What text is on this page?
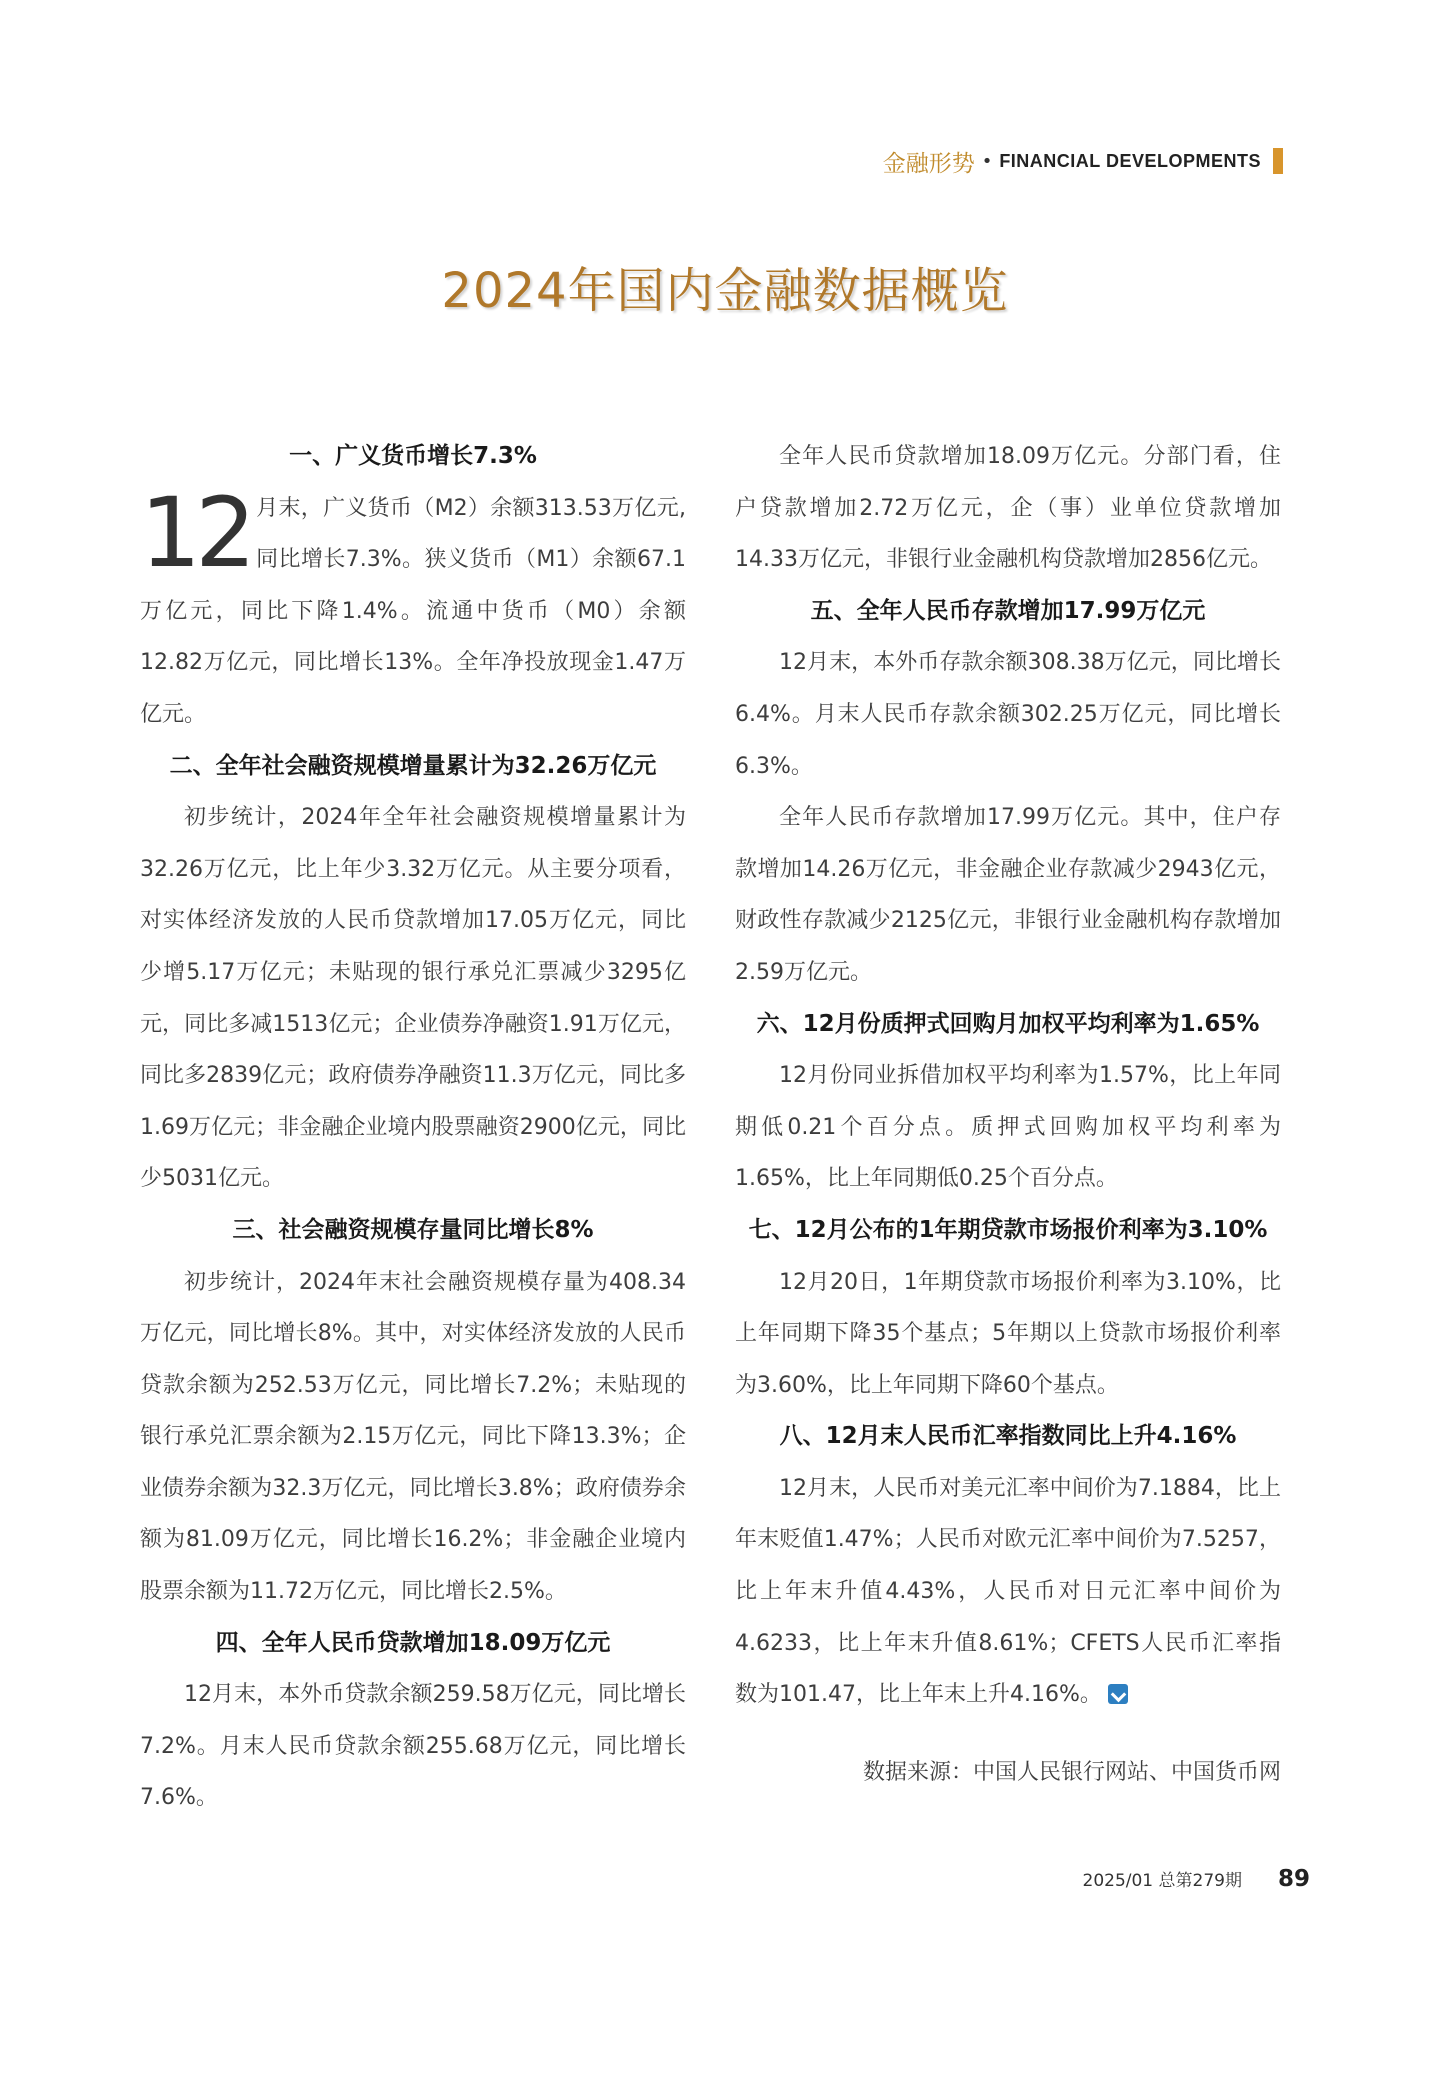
金融形势 • FINANCIAL DEVELOPMENTS
2024年国内金融数据概览
一、广义货币增长7.3%

12 月末，广义货币（M2）余额313.53万亿元,同比增长7.3%。狭义货币（M1）余额67.1万亿元，同比下降1.4%。流通中货币（M0）余额12.82万亿元，同比增长13%。全年净投放现金1.47万亿元。

二、全年社会融资规模增量累计为32.26万亿元

初步统计，2024年全年社会融资规模增量累计为32.26万亿元，比上年少3.32万亿元。从主要分项看，对实体经济发放的人民币贷款增加17.05万亿元，同比少增5.17万亿元；未贴现的银行承兑汇票减少3295亿元，同比多减1513亿元；企业债券净融资1.91万亿元，同比多2839亿元；政府债券净融资11.3万亿元，同比多1.69万亿元；非金融企业境内股票融资2900亿元，同比少5031亿元。

三、社会融资规模存量同比增长8%

初步统计，2024年末社会融资规模存量为408.34万亿元，同比增长8%。其中，对实体经济发放的人民币贷款余额为252.53万亿元，同比增长7.2%；未贴现的银行承兑汇票余额为2.15万亿元，同比下降13.3%；企业债券余额为32.3万亿元，同比增长3.8%；政府债券余额为81.09万亿元，同比增长16.2%；非金融企业境内股票余额为11.72万亿元，同比增长2.5%。

四、全年人民币贷款增加18.09万亿元

12月末，本外币贷款余额259.58万亿元，同比增长7.2%。月末人民币贷款余额255.68万亿元，同比增长7.6%。

全年人民币贷款增加18.09万亿元。分部门看，住户贷款增加2.72万亿元，企（事）业单位贷款增加14.33万亿元，非银行业金融机构贷款增加2856亿元。

五、全年人民币存款增加17.99万亿元

12月末，本外币存款余额308.38万亿元，同比增长6.4%。月末人民币存款余额302.25万亿元，同比增长6.3%。

全年人民币存款增加17.99万亿元。其中，住户存款增加14.26万亿元，非金融企业存款减少2943亿元，财政性存款减少2125亿元，非银行业金融机构存款增加2.59万亿元。

六、12月份质押式回购月加权平均利率为1.65%

12月份同业拆借加权平均利率为1.57%，比上年同期低0.21个百分点。质押式回购加权平均利率为1.65%，比上年同期低0.25个百分点。

七、12月公布的1年期贷款市场报价利率为3.10%

12月20日，1年期贷款市场报价利率为3.10%，比上年同期下降35个基点；5年期以上贷款市场报价利率为3.60%，比上年同期下降60个基点。

八、12月末人民币汇率指数同比上升4.16%

12月末，人民币对美元汇率中间价为7.1884，比上年末贬值1.47%；人民币对欧元汇率中间价为7.5257，比上年末升值4.43%，人民币对日元汇率中间价为4.6233，比上年末升值8.61%；CFETS人民币汇率指数为101.47，比上年末上升4.16%。

数据来源：中国人民银行网站、中国货币网

2025/01 总第279期 89
